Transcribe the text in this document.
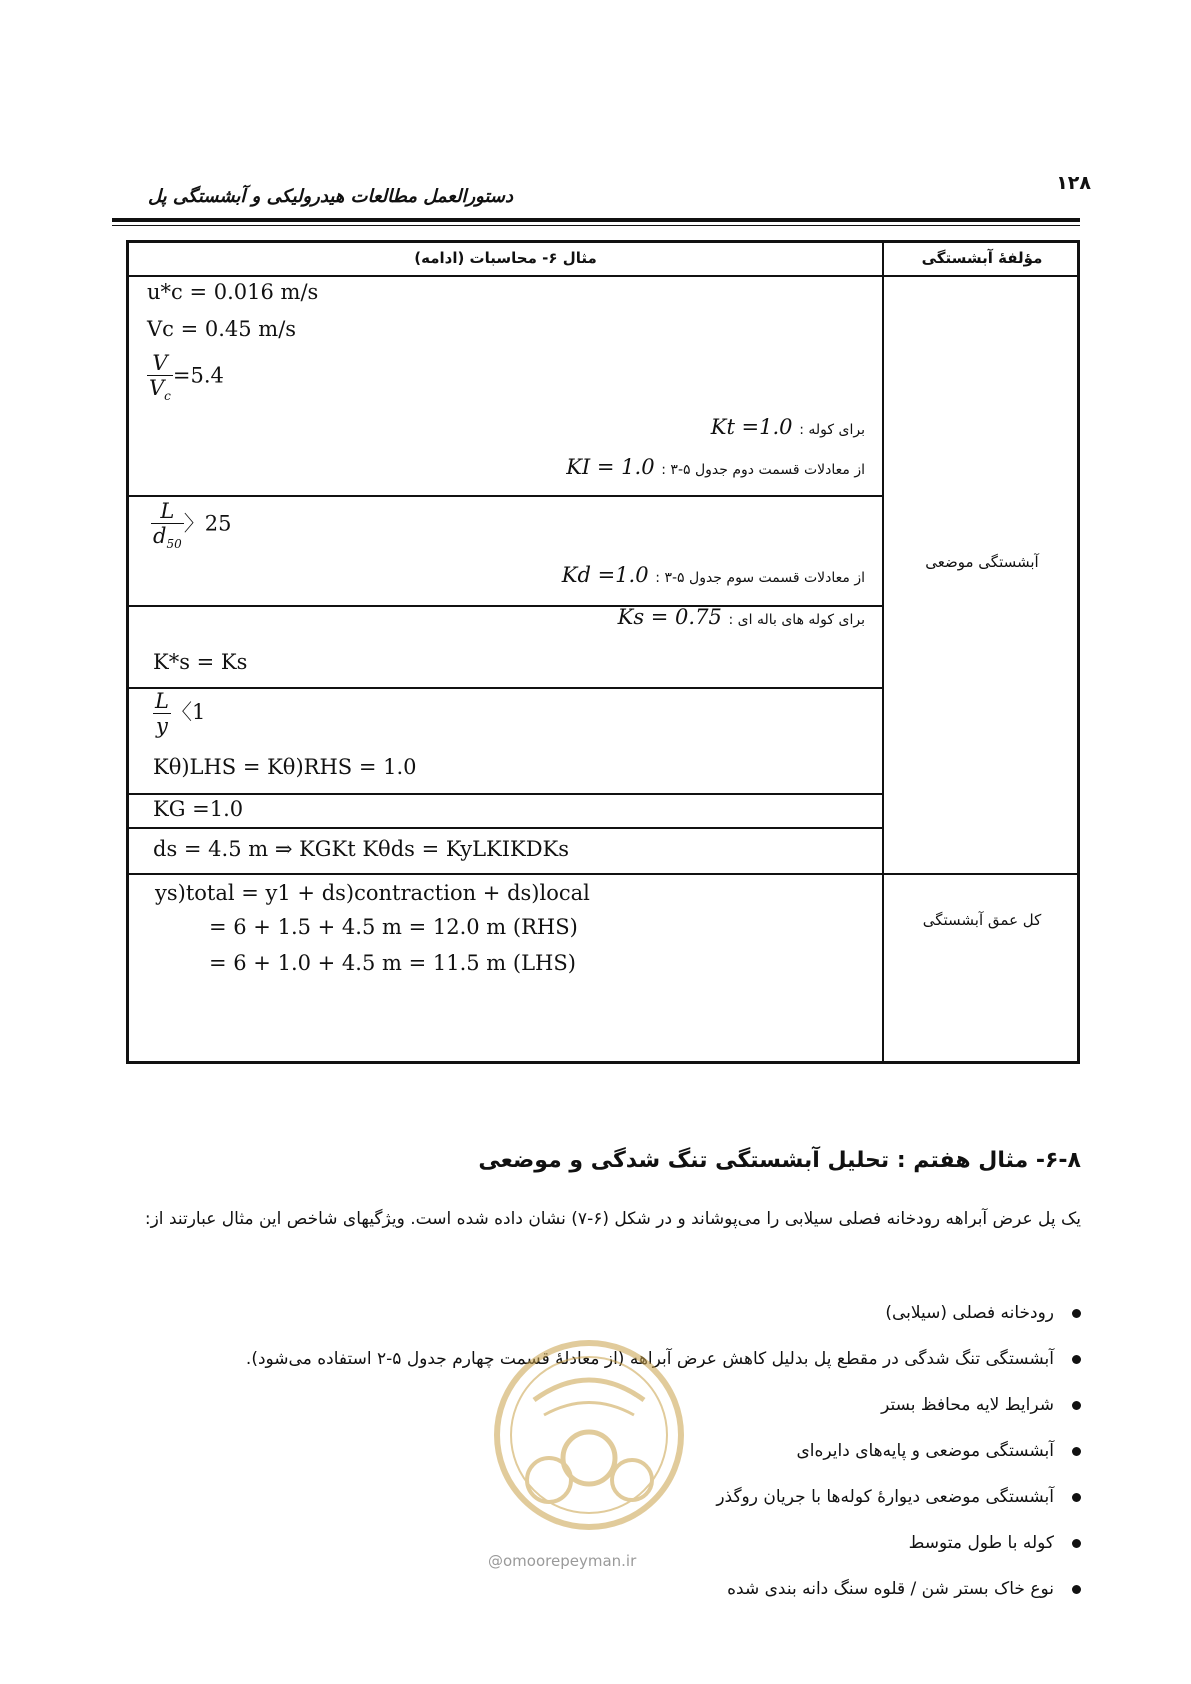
۱۲۸
دستورالعمل مطالعات هیدرولیکی و آبشستگی پل
مثال ۶- محاسبات (ادامه)	مؤلفهٔ آبشستگی
u*c = 0.016 m/s
Vc = 0.45 m/s
$\frac{V}{V_c} =5.4$
برای کوله : Kt =1.0
از معادلات قسمت دوم جدول ۵-۳ : KI = 1.0
$\frac{L}{d_{50}}$ 〉25
از معادلات قسمت سوم جدول ۵-۳ : Kd =1.0
برای کوله های باله ای : Ks = 0.75
K*s = Ks
$\frac{L}{y}$ 〈1
Kθ)LHS = Kθ)RHS = 1.0
KG =1.0
ds = 4.5 m ⇒ KGKt Kθds = KyLKIKDKs
ys)total = y1 + ds)contraction + ds)local
= 6 + 1.5 + 4.5 m = 12.0 m (RHS)
= 6 + 1.0 + 4.5 m = 11.5 m (LHS)
آبشستگی موضعی
کل عمق آبشستگی
۶-۸- مثال هفتم : تحلیل آبشستگی تنگ شدگی و موضعی
یک پل عرض آبراهه رودخانه فصلی سیلابی را می‌پوشاند و در شکل (۶-۷) نشان داده شده است. ویژگیهای شاخص این مثال عبارتند از:
رودخانه فصلی (سیلابی)
آبشستگی تنگ شدگی در مقطع پل بدلیل کاهش عرض آبراهه (از معادلهٔ قسمت چهارم جدول ۵-۲ استفاده می‌شود).
شرایط لایه محافظ بستر
آبشستگی موضعی و پایه‌های دایره‌ای
آبشستگی موضعی دیوارهٔ کوله‌ها با جریان روگذر
کوله با طول متوسط
نوع خاک بستر شن / قلوه سنگ دانه بندی شده
@omoorepeyman.ir
